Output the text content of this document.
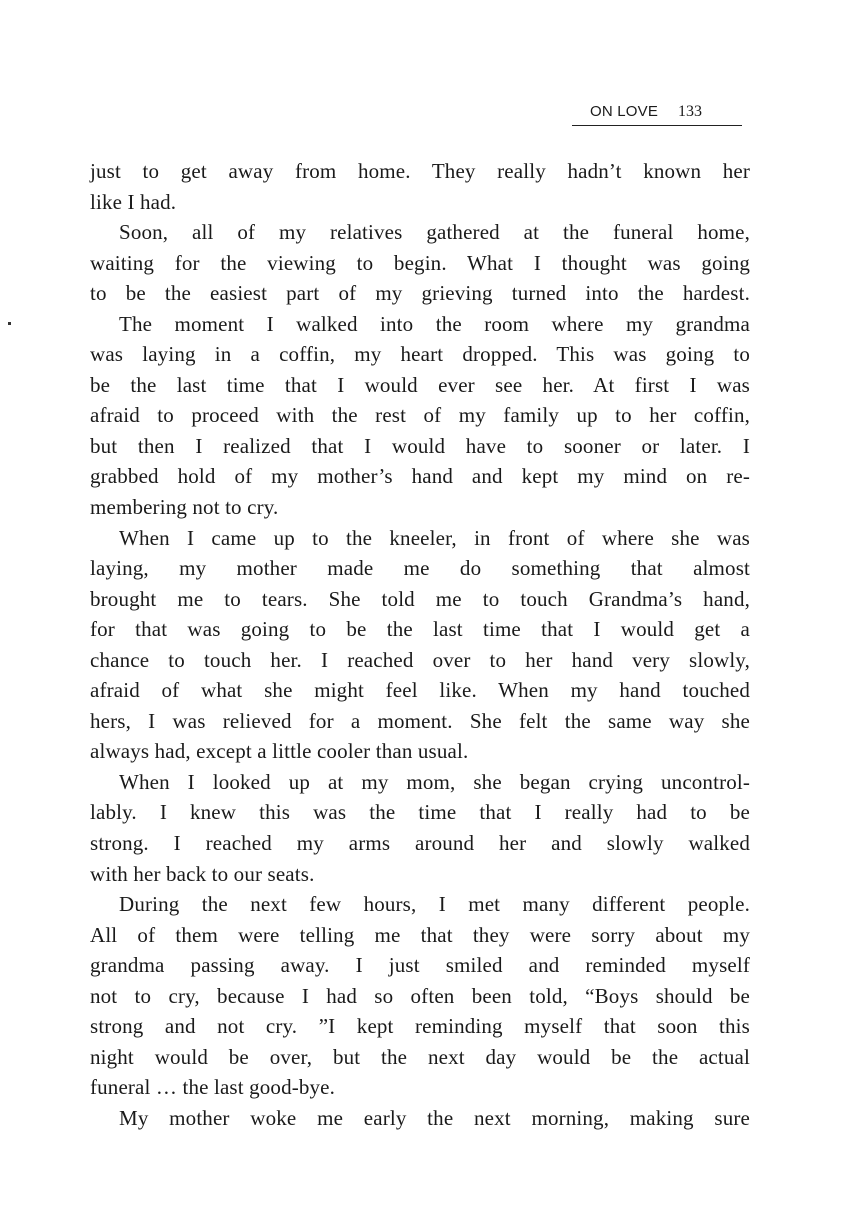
ON LOVE 133
just to get away from home. They really hadn’t known her
like I had.
Soon, all of my relatives gathered at the funeral home,
waiting for the viewing to begin. What I thought was going
to be the easiest part of my grieving turned into the hardest.
The moment I walked into the room where my grandma
was laying in a coffin, my heart dropped. This was going to
be the last time that I would ever see her. At first I was
afraid to proceed with the rest of my family up to her coffin,
but then I realized that I would have to sooner or later. I
grabbed hold of my mother’s hand and kept my mind on re-
membering not to cry.
When I came up to the kneeler, in front of where she was
laying, my mother made me do something that almost
brought me to tears. She told me to touch Grandma’s hand,
for that was going to be the last time that I would get a
chance to touch her. I reached over to her hand very slowly,
afraid of what she might feel like. When my hand touched
hers, I was relieved for a moment. She felt the same way she
always had, except a little cooler than usual.
When I looked up at my mom, she began crying uncontrol-
lably. I knew this was the time that I really had to be
strong. I reached my arms around her and slowly walked
with her back to our seats.
During the next few hours, I met many different people.
All of them were telling me that they were sorry about my
grandma passing away. I just smiled and reminded myself
not to cry, because I had so often been told, “Boys should be
strong and not cry. ”I kept reminding myself that soon this
night would be over, but the next day would be the actual
funeral … the last good-bye.
My mother woke me early the next morning, making sure
